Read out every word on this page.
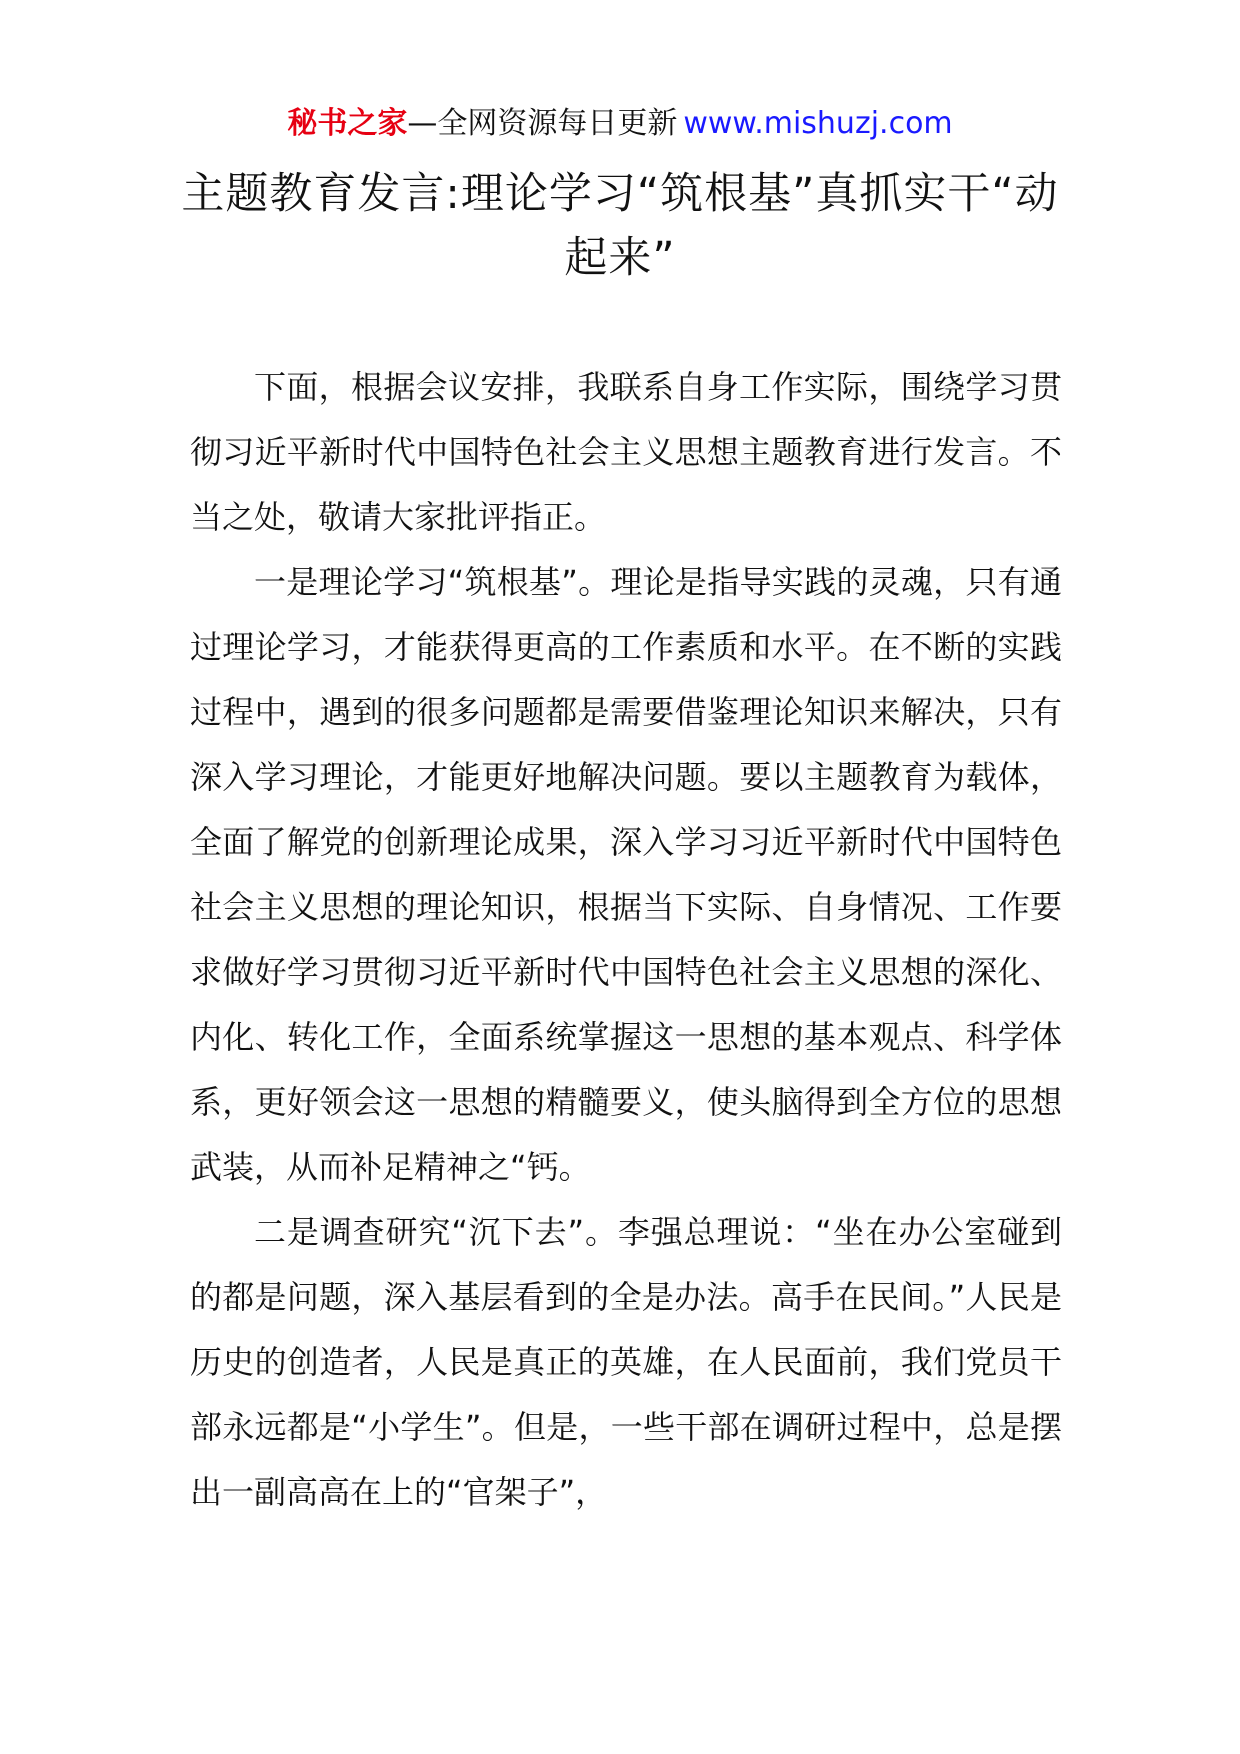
秘书之家—全网资源每日更新 www.mishuzj.com
主题教育发言:理论学习“筑根基”真抓实干“动起来”

下面，根据会议安排，我联系自身工作实际，围绕学习贯彻习近平新时代中国特色社会主义思想主题教育进行发言。不当之处，敬请大家批评指正。

一是理论学习“筑根基”。理论是指导实践的灵魂，只有通过理论学习，才能获得更高的工作素质和水平。在不断的实践过程中，遇到的很多问题都是需要借鉴理论知识来解决，只有深入学习理论，才能更好地解决问题。要以主题教育为载体，全面了解党的创新理论成果，深入学习习近平新时代中国特色社会主义思想的理论知识，根据当下实际、自身情况、工作要求做好学习贯彻习近平新时代中国特色社会主义思想的深化、内化、转化工作，全面系统掌握这一思想的基本观点、科学体系，更好领会这一思想的精髓要义，使头脑得到全方位的思想武装，从而补足精神之“钙。

二是调查研究“沉下去”。李强总理说：“坐在办公室碰到的都是问题，深入基层看到的全是办法。高手在民间。”人民是历史的创造者，人民是真正的英雄，在人民面前，我们党员干部永远都是“小学生”。但是，一些干部在调研过程中，总是摆出一副高高在上的“官架子”，
